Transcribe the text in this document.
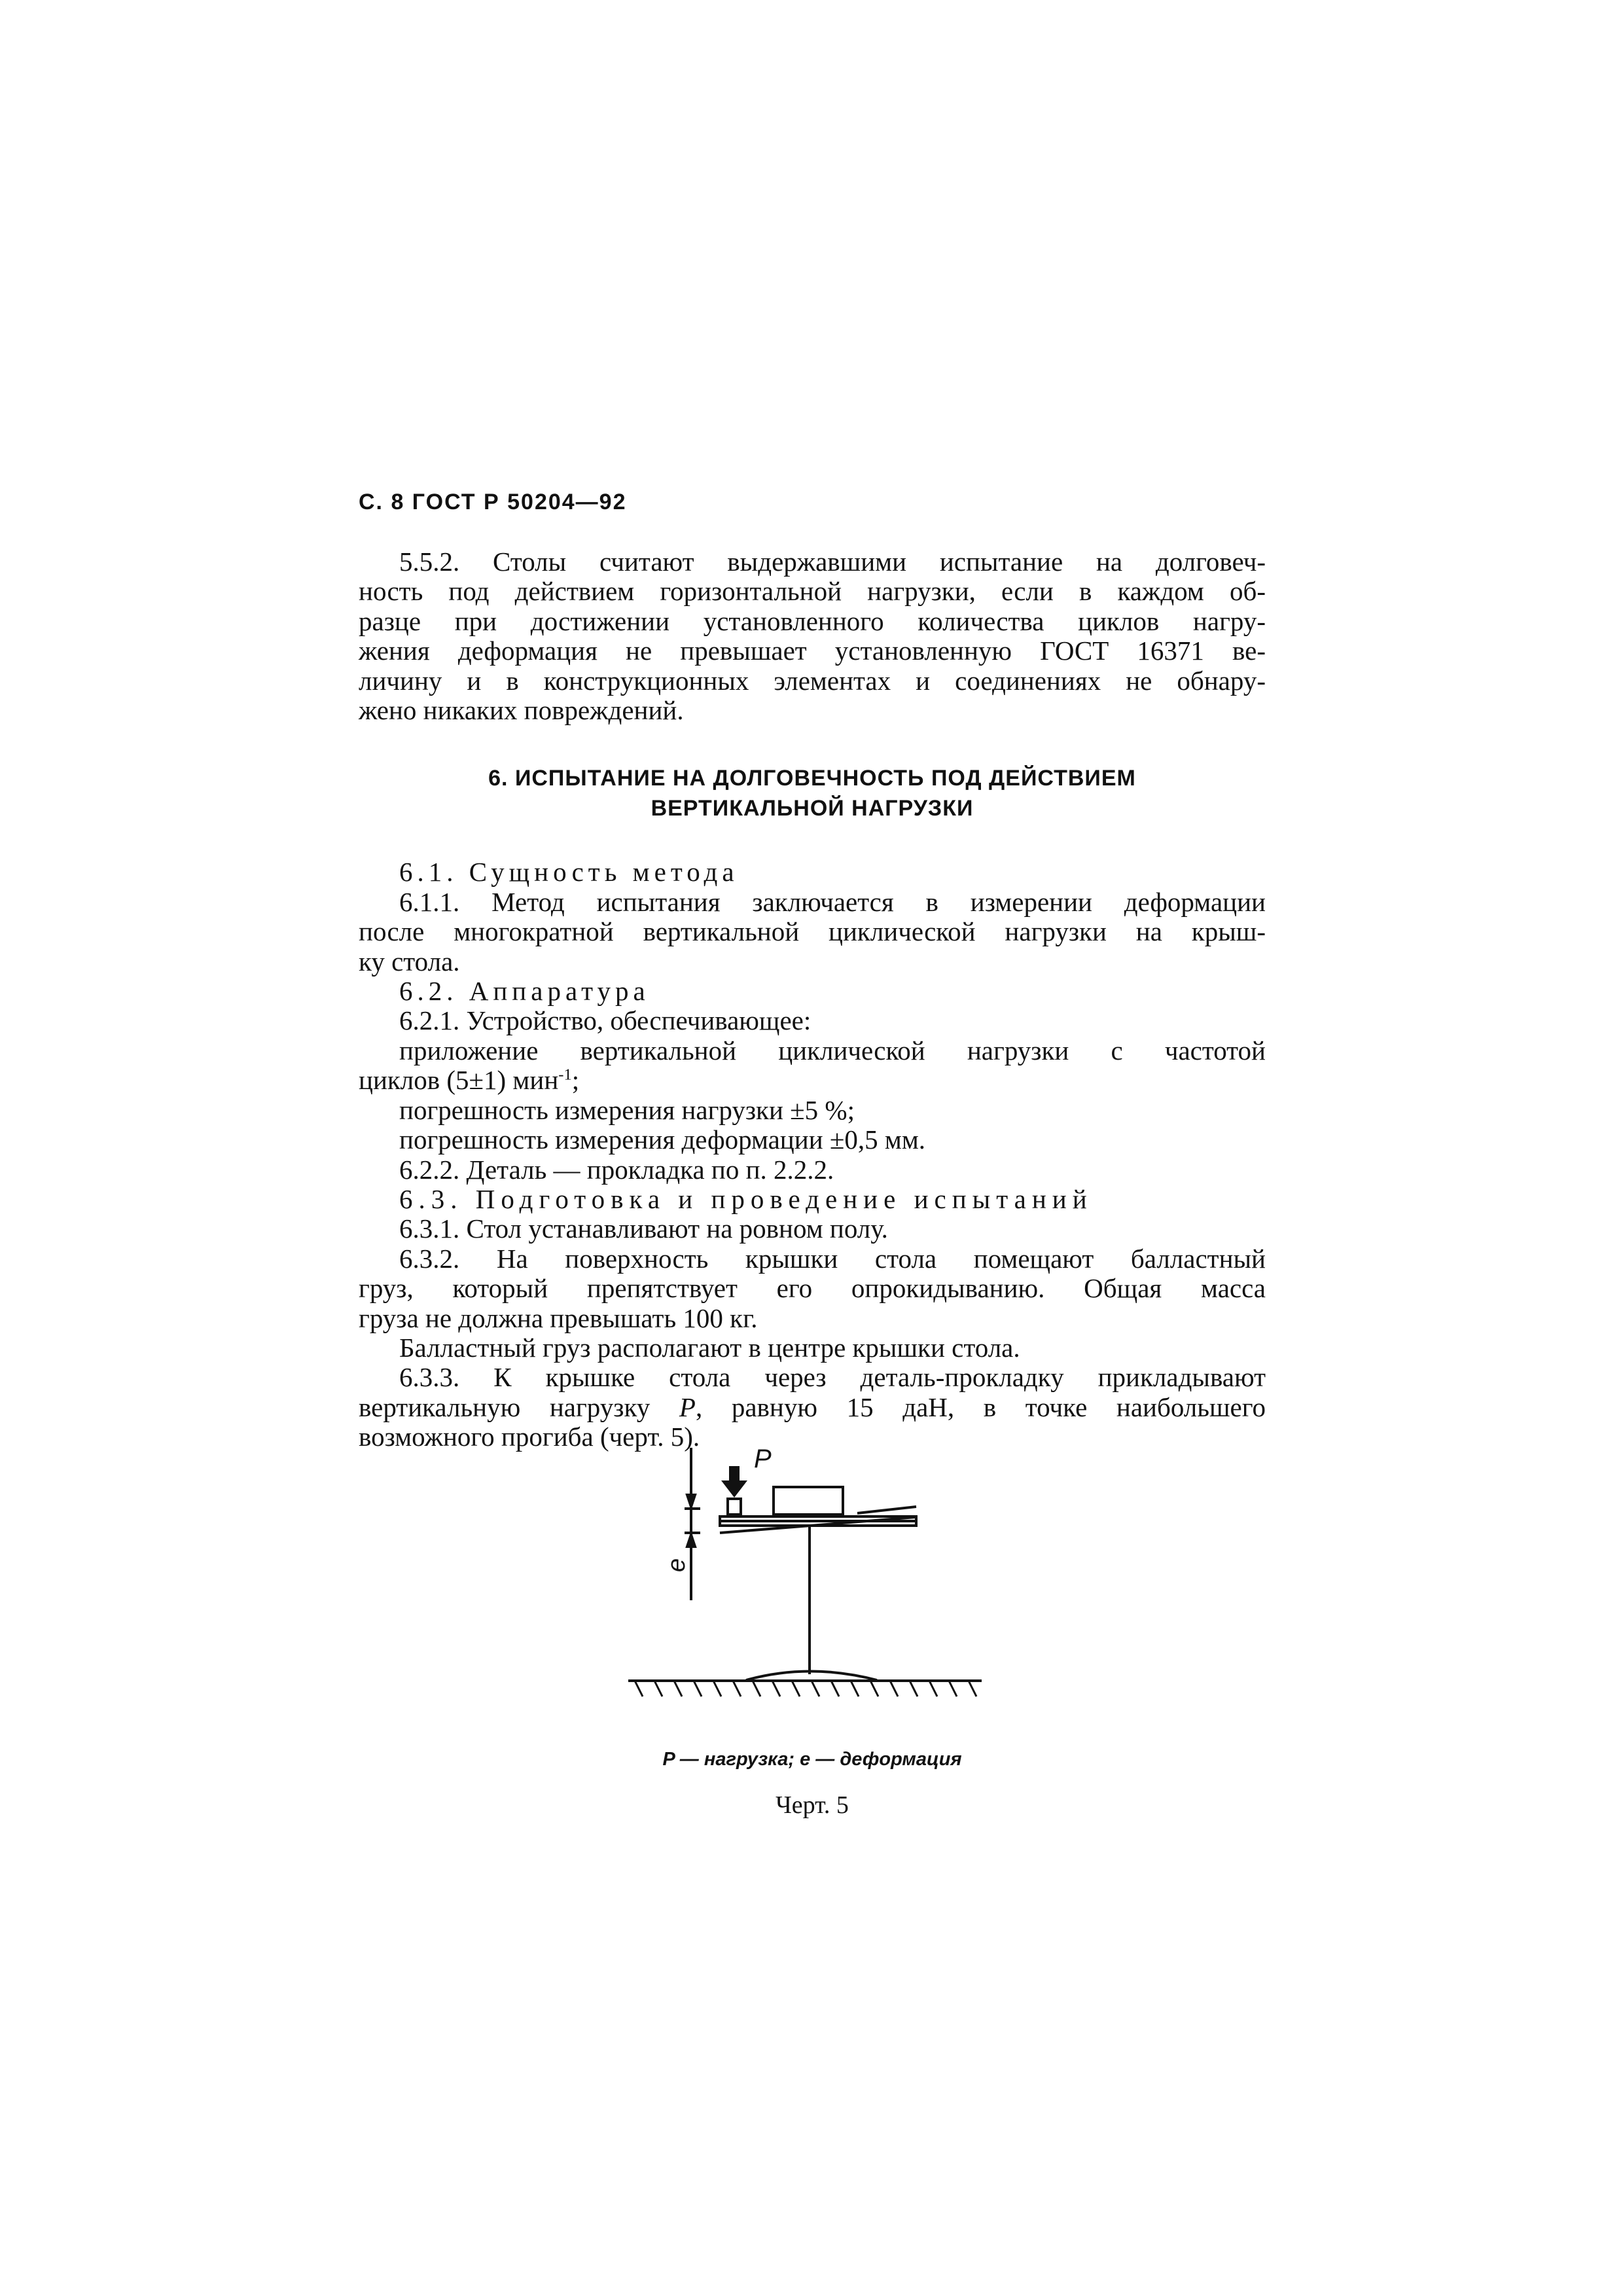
С. 8 ГОСТ Р 50204—92
5.5.2. Столы считают выдержавшими испытание на долговеч-
ность под действием горизонтальной нагрузки, если в каждом об-
разце при достижении установленного количества циклов нагру-
жения деформация не превышает установленную ГОСТ 16371 ве-
личину и в конструкционных элементах и соединениях не обнару-
жено никаких повреждений.
6. ИСПЫТАНИЕ НА ДОЛГОВЕЧНОСТЬ ПОД ДЕЙСТВИЕМ
ВЕРТИКАЛЬНОЙ НАГРУЗКИ
6.1. Сущность метода
6.1.1. Метод испытания заключается в измерении деформации
после многократной вертикальной циклической нагрузки на крыш-
ку стола.
6.2. Аппаратура
6.2.1. Устройство, обеспечивающее:
приложение вертикальной циклической нагрузки с частотой
циклов (5±1) мин$^{-1}$;
погрешность измерения нагрузки ±5 %;
погрешность измерения деформации ±0,5 мм.
6.2.2. Деталь — прокладка по п. 2.2.2.
6.3. Подготовка и проведение испытаний
6.3.1. Стол устанавливают на ровном полу.
6.3.2. На поверхность крышки стола помещают балластный
груз, который препятствует его опрокидыванию. Общая масса
груза не должна превышать 100 кг.
Балластный груз располагают в центре крышки стола.
6.3.3. К крышке стола через деталь-прокладку прикладывают
вертикальную нагрузку P, равную 15 даН, в точке наибольшего
возможного прогиба (черт. 5).
P
e
P — нагрузка; e — деформация
Черт. 5
